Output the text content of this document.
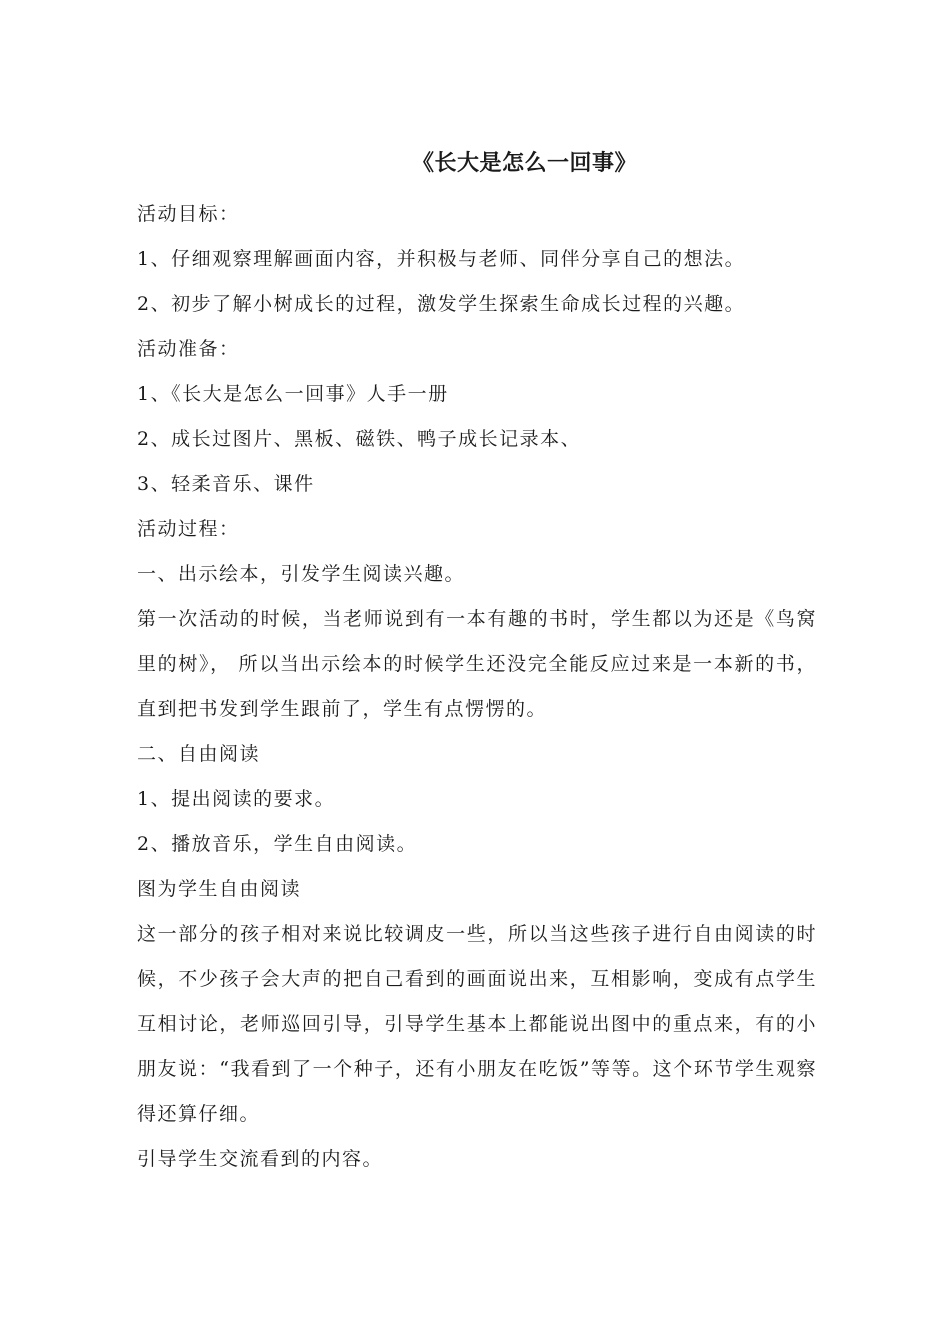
《长大是怎么一回事》

活动目标：

1、仔细观察理解画面内容，并积极与老师、同伴分享自己的想法。

2、初步了解小树成长的过程，激发学生探索生命成长过程的兴趣。

活动准备：

1、《长大是怎么一回事》人手一册

2、成长过图片、黑板、磁铁、鸭子成长记录本、

3、轻柔音乐、课件

活动过程：

一、出示绘本，引发学生阅读兴趣。

第一次活动的时候，当老师说到有一本有趣的书时，学生都以为还是《鸟窝里的树》， 所以当出示绘本的时候学生还没完全能反应过来是一本新的书，直到把书发到学生跟前了，学生有点愣愣的。

二、自由阅读

1、提出阅读的要求。

2、播放音乐，学生自由阅读。

图为学生自由阅读

这一部分的孩子相对来说比较调皮一些，所以当这些孩子进行自由阅读的时候，不少孩子会大声的把自己看到的画面说出来，互相影响，变成有点学生互相讨论，老师巡回引导，引导学生基本上都能说出图中的重点来，有的小朋友说：“我看到了一个种子，还有小朋友在吃饭”等等。这个环节学生观察得还算仔细。

引导学生交流看到的内容。
